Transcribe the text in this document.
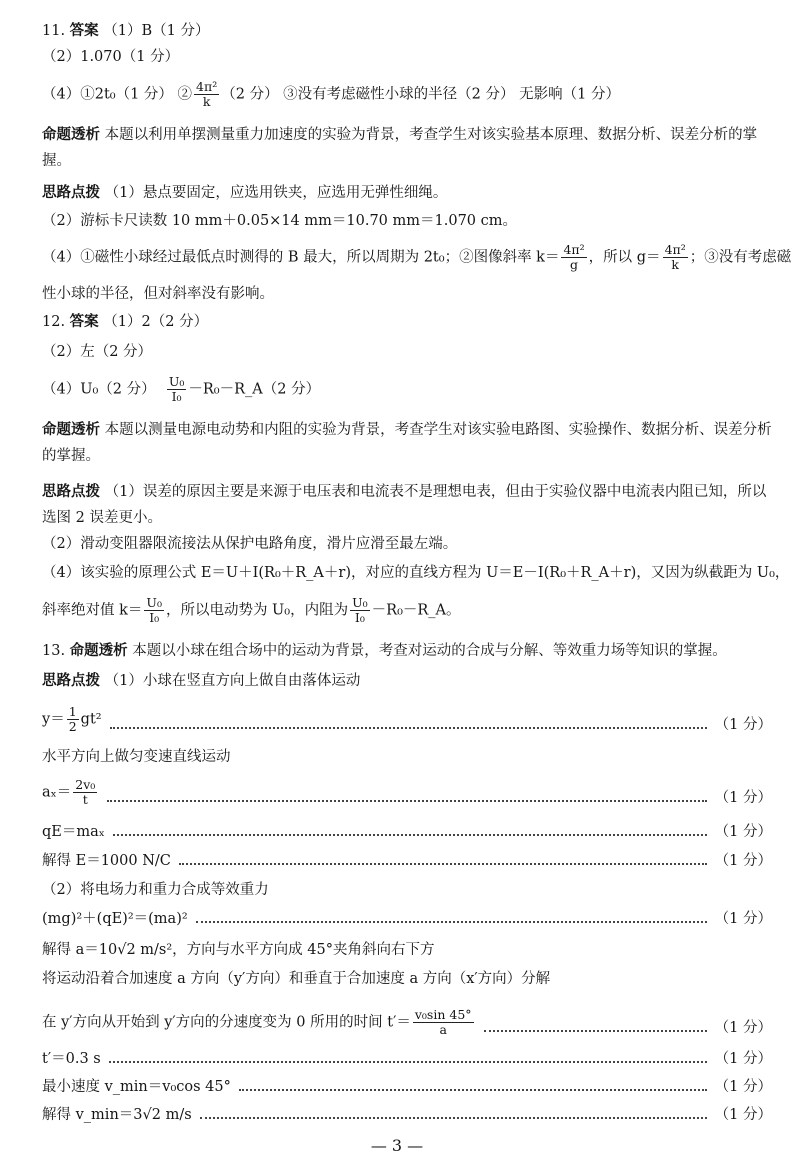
11. 答案 （1）B（1 分）
（2）1.070（1 分）
（4）①2t₀（1 分） ② $\frac{\text{4π²}}{k} (2$ 分） ③没有考虑磁性小球的半径（2 分） 无影响（1 分）
命题透析 本题以利用单摆测量重力加速度的实验为背景，考查学生对该实验基本原理、数据分析、误差分析的掌握。
思路点拨 （1）悬点要固定，应选用铁夹，应选用无弹性细绳。
（2）游标卡尺读数 10 mm＋0.05×14 mm＝10.70 mm＝1.070 cm。
（4）①磁性小球经过最低点时测得的 B 最大，所以周期为 2t₀；②图像斜率 $k= \frac{\text{4π²}}{g}$ ，所以 $g= \frac{\text{4π²}}{k}$ ；③没有考虑磁
性小球的半径，但对斜率没有影响。
12. 答案 （1）2（2 分）
（2）左（2 分）
（4）U₀（2 分） $\frac{\text{U₀}}{\text{I₀}}$ －R₀－R_A（2 分）
命题透析 本题以测量电源电动势和内阻的实验为背景，考查学生对该实验电路图、实验操作、数据分析、误差分析的掌握。
思路点拨 （1）误差的原因主要是来源于电压表和电流表不是理想电表，但由于实验仪器中电流表内阻已知，所以选图 2 误差更小。
（2）滑动变阻器限流接法从保护电路角度，滑片应滑至最左端。
（4）该实验的原理公式 E＝U＋I(R₀＋R_A＋r)，对应的直线方程为 U＝E－I(R₀＋R_A＋r)，又因为纵截距为 U₀，
斜率绝对值 $k= \frac{\text{U₀}}{\text{I₀}}$ ，所以电动势为 U₀，内阻为 $\frac{\text{U₀}}{\text{I₀}}$ －R₀－R_A。
13. 命题透析 本题以小球在组合场中的运动为背景，考查对运动的合成与分解、等效重力场等知识的掌握。
思路点拨 （1）小球在竖直方向上做自由落体运动
$y= \frac{1}{2} gt^2$	（1 分）
水平方向上做匀变速直线运动
$a_x= \frac{\text{2v₀}}{t}$	（1 分）
qE＝maₓ	（1 分）
解得 E＝1000 N/C	（1 分）
（2）将电场力和重力合成等效重力
(mg)²＋(qE)²＝(ma)²	（1 分）
解得 a＝10√2 m/s²，方向与水平方向成 45°夹角斜向右下方
将运动沿着合加速度 a 方向（y′方向）和垂直于合加速度 a 方向（x′方向）分解
在 y′方向从开始到 y′方向的分速度变为 0 所用的时间 $t'= \frac{\text{v₀sin 45°}}{a}$	（1 分）
t′＝0.3 s	（1 分）
最小速度 v_min＝v₀cos 45°	（1 分）
解得 v_min＝3√2 m/s	（1 分）
— 3 —
